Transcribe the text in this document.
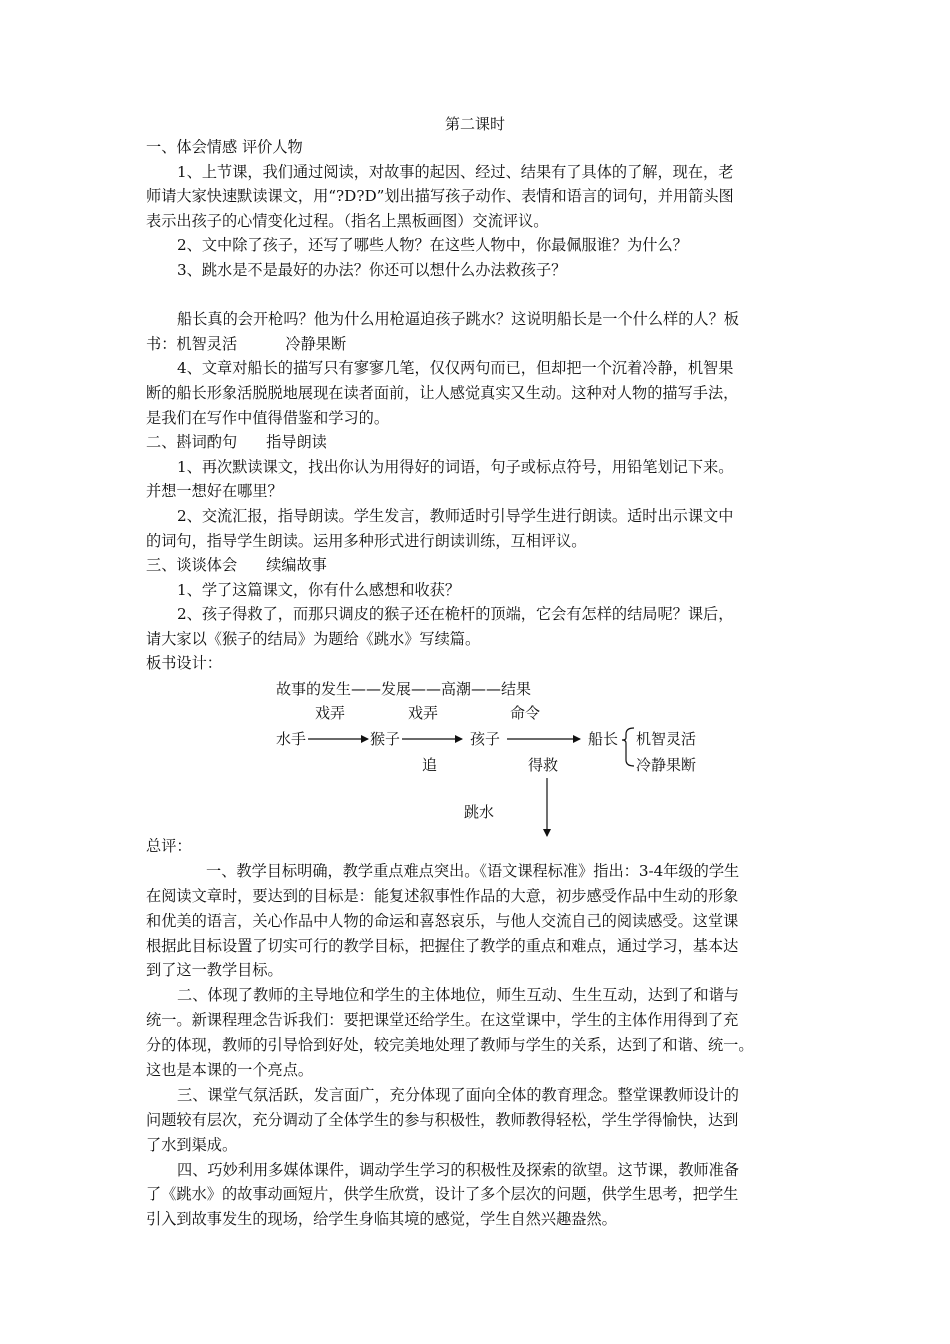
第二课时
一、体会情感 评价人物
1、上节课，我们通过阅读，对故事的起因、经过、结果有了具体的了解，现在，老
师请大家快速默读课文，用“?D?D”划出描写孩子动作、表情和语言的词句，并用箭头图
表示出孩子的心情变化过程。（指名上黑板画图）交流评议。
2、文中除了孩子，还写了哪些人物？在这些人物中，你最佩服谁？为什么？
3、跳水是不是最好的办法？你还可以想什么办法救孩子？
船长真的会开枪吗？他为什么用枪逼迫孩子跳水？这说明船长是一个什么样的人？板
书：机智灵活          冷静果断
4、文章对船长的描写只有寥寥几笔，仅仅两句而已，但却把一个沉着冷静，机智果
断的船长形象活脱脱地展现在读者面前，让人感觉真实又生动。这种对人物的描写手法，
是我们在写作中值得借鉴和学习的。
二、斟词酌句      指导朗读
1、再次默读课文，找出你认为用得好的词语，句子或标点符号，用铅笔划记下来。
并想一想好在哪里？
2、交流汇报，指导朗读。学生发言，教师适时引导学生进行朗读。适时出示课文中
的词句，指导学生朗读。运用多种形式进行朗读训练，互相评议。
三、谈谈体会      续编故事
1、学了这篇课文，你有什么感想和收获？
2、孩子得救了，而那只调皮的猴子还在桅杆的顶端，它会有怎样的结局呢？课后，
请大家以《猴子的结局》为题给《跳水》写续篇。
板书设计：
故事的发生——发展——高潮——结果
戏弄	戏弄	命令
水手	猴子	孩子	船长 机智灵活
冷静果断
追	得救
跳水
总评：
一、教学目标明确，教学重点难点突出。《语文课程标准》指出：3-4年级的学生
在阅读文章时，要达到的目标是：能复述叙事性作品的大意，初步感受作品中生动的形象
和优美的语言，关心作品中人物的命运和喜怒哀乐，与他人交流自己的阅读感受。这堂课
根据此目标设置了切实可行的教学目标，把握住了教学的重点和难点，通过学习，基本达
到了这一教学目标。
二、体现了教师的主导地位和学生的主体地位，师生互动、生生互动，达到了和谐与
统一。新课程理念告诉我们：要把课堂还给学生。在这堂课中，学生的主体作用得到了充
分的体现，教师的引导恰到好处，较完美地处理了教师与学生的关系，达到了和谐、统一。
这也是本课的一个亮点。
三、课堂气氛活跃，发言面广，充分体现了面向全体的教育理念。整堂课教师设计的
问题较有层次，充分调动了全体学生的参与积极性，教师教得轻松，学生学得愉快，达到
了水到渠成。
四、巧妙利用多媒体课件，调动学生学习的积极性及探索的欲望。这节课，教师准备
了《跳水》的故事动画短片，供学生欣赏，设计了多个层次的问题，供学生思考，把学生
引入到故事发生的现场，给学生身临其境的感觉，学生自然兴趣盎然。
